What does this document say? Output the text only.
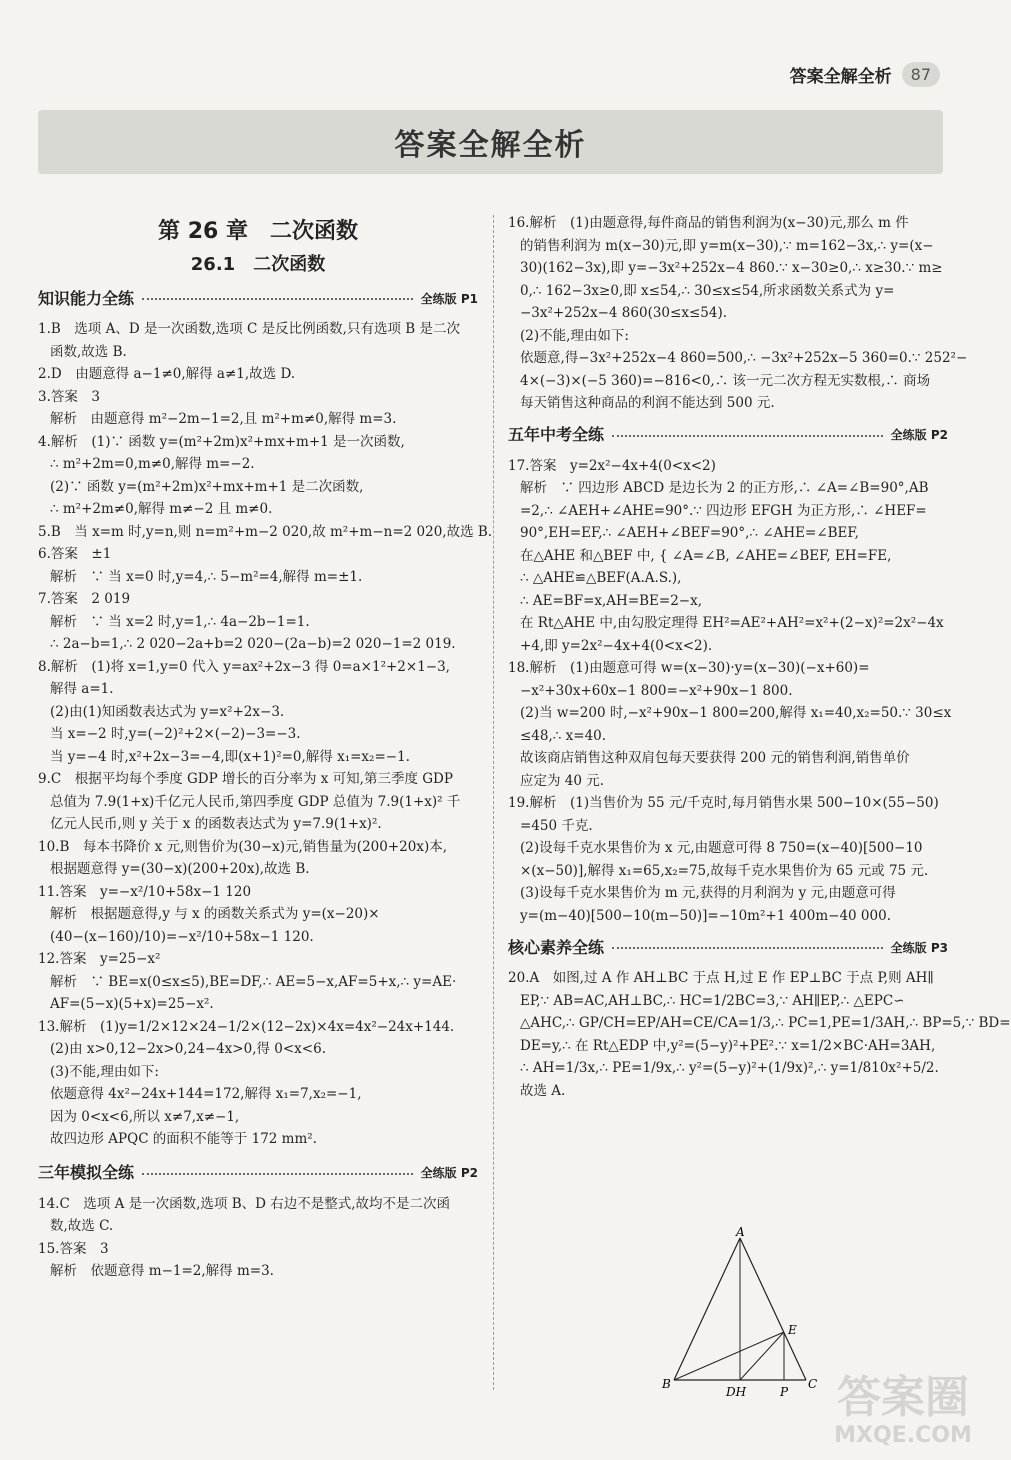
答案全解全析	87
答案全解全析
第 26 章　二次函数
26.1　二次函数
知识能力全练	全练版 P1
1.B　选项 A、D 是一次函数,选项 C 是反比例函数,只有选项 B 是二次
函数,故选 B.
2.D　由题意得 a−1≠0,解得 a≠1,故选 D.
3.答案　3
解析　由题意得 m²−2m−1=2,且 m²+m≠0,解得 m=3.
4.解析　(1)∵ 函数 y=(m²+2m)x²+mx+m+1 是一次函数,
∴ m²+2m=0,m≠0,解得 m=−2.
(2)∵ 函数 y=(m²+2m)x²+mx+m+1 是二次函数,
∴ m²+2m≠0,解得 m≠−2 且 m≠0.
5.B　当 x=m 时,y=n,则 n=m²+m−2 020,故 m²+m−n=2 020,故选 B.
6.答案　±1
解析　∵ 当 x=0 时,y=4,∴ 5−m²=4,解得 m=±1.
7.答案　2 019
解析　∵ 当 x=2 时,y=1,∴ 4a−2b−1=1.
∴ 2a−b=1,∴ 2 020−2a+b=2 020−(2a−b)=2 020−1=2 019.
8.解析　(1)将 x=1,y=0 代入 y=ax²+2x−3 得 0=a×1²+2×1−3,
解得 a=1.
(2)由(1)知函数表达式为 y=x²+2x−3.
当 x=−2 时,y=(−2)²+2×(−2)−3=−3.
当 y=−4 时,x²+2x−3=−4,即(x+1)²=0,解得 x₁=x₂=−1.
9.C　根据平均每个季度 GDP 增长的百分率为 x 可知,第三季度 GDP
总值为 7.9(1+x)千亿元人民币,第四季度 GDP 总值为 7.9(1+x)² 千
亿元人民币,则 y 关于 x 的函数表达式为 y=7.9(1+x)².
10.B　每本书降价 x 元,则售价为(30−x)元,销售量为(200+20x)本,
根据题意得 y=(30−x)(200+20x),故选 B.
11.答案　y=−x²/10+58x−1 120
解析　根据题意得,y 与 x 的函数关系式为 y=(x−20)×
(40−(x−160)/10)=−x²/10+58x−1 120.
12.答案　y=25−x²
解析　∵ BE=x(0≤x≤5),BE=DF,∴ AE=5−x,AF=5+x,∴ y=AE·
AF=(5−x)(5+x)=25−x².
13.解析　(1)y=1/2×12×24−1/2×(12−2x)×4x=4x²−24x+144.
(2)由 x>0,12−2x>0,24−4x>0,得 0<x<6.
(3)不能,理由如下:
依题意得 4x²−24x+144=172,解得 x₁=7,x₂=−1,
因为 0<x<6,所以 x≠7,x≠−1,
故四边形 APQC 的面积不能等于 172 mm².
三年模拟全练	全练版 P2
14.C　选项 A 是一次函数,选项 B、D 右边不是整式,故均不是二次函
数,故选 C.
15.答案　3
解析　依题意得 m−1=2,解得 m=3.
16.解析　(1)由题意得,每件商品的销售利润为(x−30)元,那么 m 件
的销售利润为 m(x−30)元,即 y=m(x−30),∵ m=162−3x,∴ y=(x−
30)(162−3x),即 y=−3x²+252x−4 860.∵ x−30≥0,∴ x≥30.∵ m≥
0,∴ 162−3x≥0,即 x≤54,∴ 30≤x≤54,所求函数关系式为 y=
−3x²+252x−4 860(30≤x≤54).
(2)不能,理由如下:
依题意,得−3x²+252x−4 860=500,∴ −3x²+252x−5 360=0.∵ 252²−
4×(−3)×(−5 360)=−816<0,∴ 该一元二次方程无实数根,∴ 商场
每天销售这种商品的利润不能达到 500 元.
五年中考全练	全练版 P2
17.答案　y=2x²−4x+4(0<x<2)
解析　∵ 四边形 ABCD 是边长为 2 的正方形,∴ ∠A=∠B=90°,AB
=2,∴ ∠AEH+∠AHE=90°.∵ 四边形 EFGH 为正方形,∴ ∠HEF=
90°,EH=EF,∴ ∠AEH+∠BEF=90°,∴ ∠AHE=∠BEF,
在△AHE 和△BEF 中, { ∠A=∠B, ∠AHE=∠BEF, EH=FE,
∴ △AHE≌△BEF(A.A.S.),
∴ AE=BF=x,AH=BE=2−x,
在 Rt△AHE 中,由勾股定理得 EH²=AE²+AH²=x²+(2−x)²=2x²−4x
+4,即 y=2x²−4x+4(0<x<2).
18.解析　(1)由题意可得 w=(x−30)·y=(x−30)(−x+60)=
−x²+30x+60x−1 800=−x²+90x−1 800.
(2)当 w=200 时,−x²+90x−1 800=200,解得 x₁=40,x₂=50.∵ 30≤x
≤48,∴ x=40.
故该商店销售这种双肩包每天要获得 200 元的销售利润,销售单价
应定为 40 元.
19.解析　(1)当售价为 55 元/千克时,每月销售水果 500−10×(55−50)
=450 千克.
(2)设每千克水果售价为 x 元,由题意可得 8 750=(x−40)[500−10
×(x−50)],解得 x₁=65,x₂=75,故每千克水果售价为 65 元或 75 元.
(3)设每千克水果售价为 m 元,获得的月利润为 y 元,由题意可得
y=(m−40)[500−10(m−50)]=−10m²+1 400m−40 000.
核心素养全练	全练版 P3
20.A　如图,过 A 作 AH⊥BC 于点 H,过 E 作 EP⊥BC 于点 P,则 AH∥
EP,∵ AB=AC,AH⊥BC,∴ HC=1/2BC=3,∵ AH∥EP,∴ △EPC∽
△AHC,∴ GP/CH=EP/AH=CE/CA=1/3,∴ PC=1,PE=1/3AH,∴ BP=5,∵ BD=
DE=y,∴ 在 Rt△EDP 中,y²=(5−y)²+PE².∵ x=1/2×BC·AH=3AH,
∴ AH=1/3x,∴ PE=1/9x,∴ y²=(5−y)²+(1/9x)²,∴ y=1/810x²+5/2.
故选 A.
A
B	C
E
DH	P	答案圈
MXQE.COM
